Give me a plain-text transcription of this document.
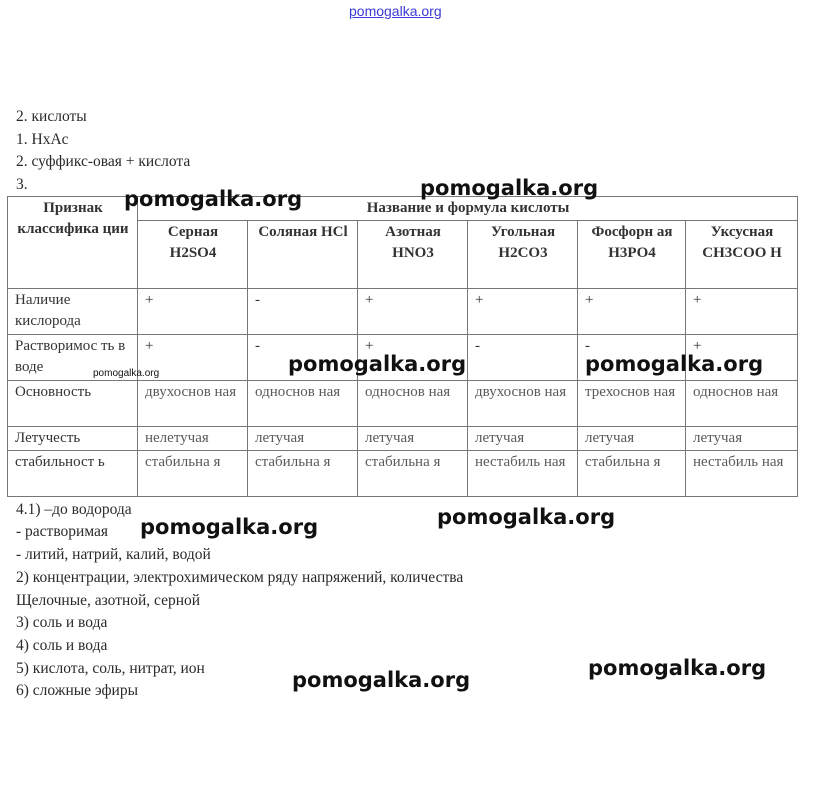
pomogalka.org
2. кислоты
1. HxAc
2. суффикс-овая + кислота
3.
Признак классифика ции	Название и формула кислоты					
	Серная H2SO4	Соляная HCl	Азотная HNO3	Угольная H2CO3	Фосфорн ая H3PO4	Уксусная CH3COO H
Наличие кислорода	+	-	+	+	+	+
Растворимос ть в воде	+	-	+	-	-	+
Основность	двухоснов ная	односнов ная	односнов ная	двухоснов ная	трехоснов ная	односнов ная
Летучесть	нелетучая	летучая	летучая	летучая	летучая	летучая
стабильност ь	стабильна я	стабильна я	стабильна я	нестабиль ная	стабильна я	нестабиль ная
4.1) –до водорода
- растворимая
- литий, натрий, калий, водой
2) концентрации, электрохимическом ряду напряжений, количества
Щелочные, азотной, серной
3) соль и вода
4) соль и вода
5) кислота, соль, нитрат, ион
6) сложные эфиры
pomogalka.org	pomogalka.org
pomogalka.org	pomogalka.org
pomogalka.org
pomogalka.org	pomogalka.org
pomogalka.org
pomogalka.org
